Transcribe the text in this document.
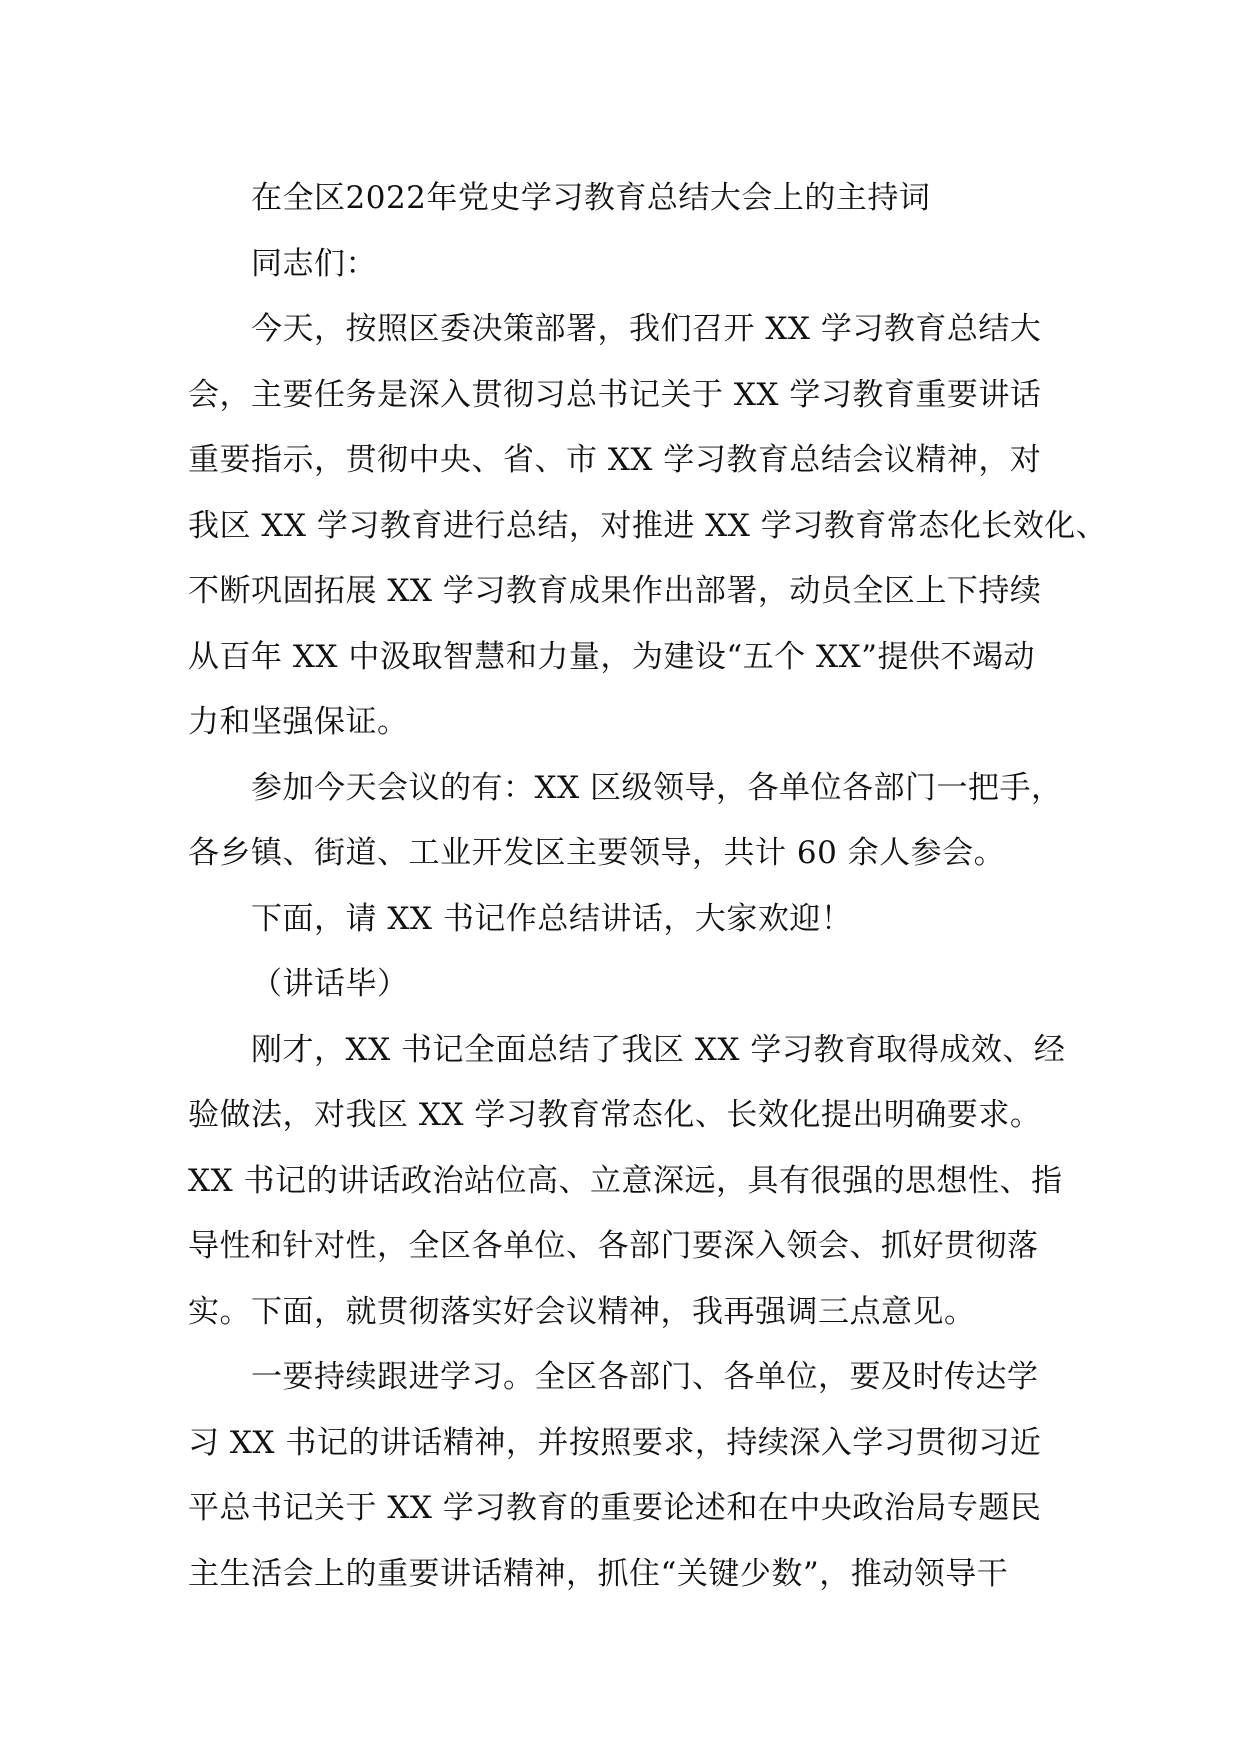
在全区2022年党史学习教育总结大会上的主持词
同志们：
今天，按照区委决策部署，我们召开 XX 学习教育总结大
会，主要任务是深入贯彻习总书记关于 XX 学习教育重要讲话
重要指示，贯彻中央、省、市 XX 学习教育总结会议精神，对
我区 XX 学习教育进行总结，对推进 XX 学习教育常态化长效化、
不断巩固拓展 XX 学习教育成果作出部署，动员全区上下持续
从百年 XX 中汲取智慧和力量，为建设“五个 XX”提供不竭动
力和坚强保证。
参加今天会议的有：XX 区级领导，各单位各部门一把手，
各乡镇、街道、工业开发区主要领导，共计 60 余人参会。
下面，请 XX 书记作总结讲话，大家欢迎！
（讲话毕）
刚才，XX 书记全面总结了我区 XX 学习教育取得成效、经
验做法，对我区 XX 学习教育常态化、长效化提出明确要求。
XX 书记的讲话政治站位高、立意深远，具有很强的思想性、指
导性和针对性，全区各单位、各部门要深入领会、抓好贯彻落
实。下面，就贯彻落实好会议精神，我再强调三点意见。
一要持续跟进学习。全区各部门、各单位，要及时传达学
习 XX 书记的讲话精神，并按照要求，持续深入学习贯彻习近
平总书记关于 XX 学习教育的重要论述和在中央政治局专题民
主生活会上的重要讲话精神，抓住“关键少数”，推动领导干
